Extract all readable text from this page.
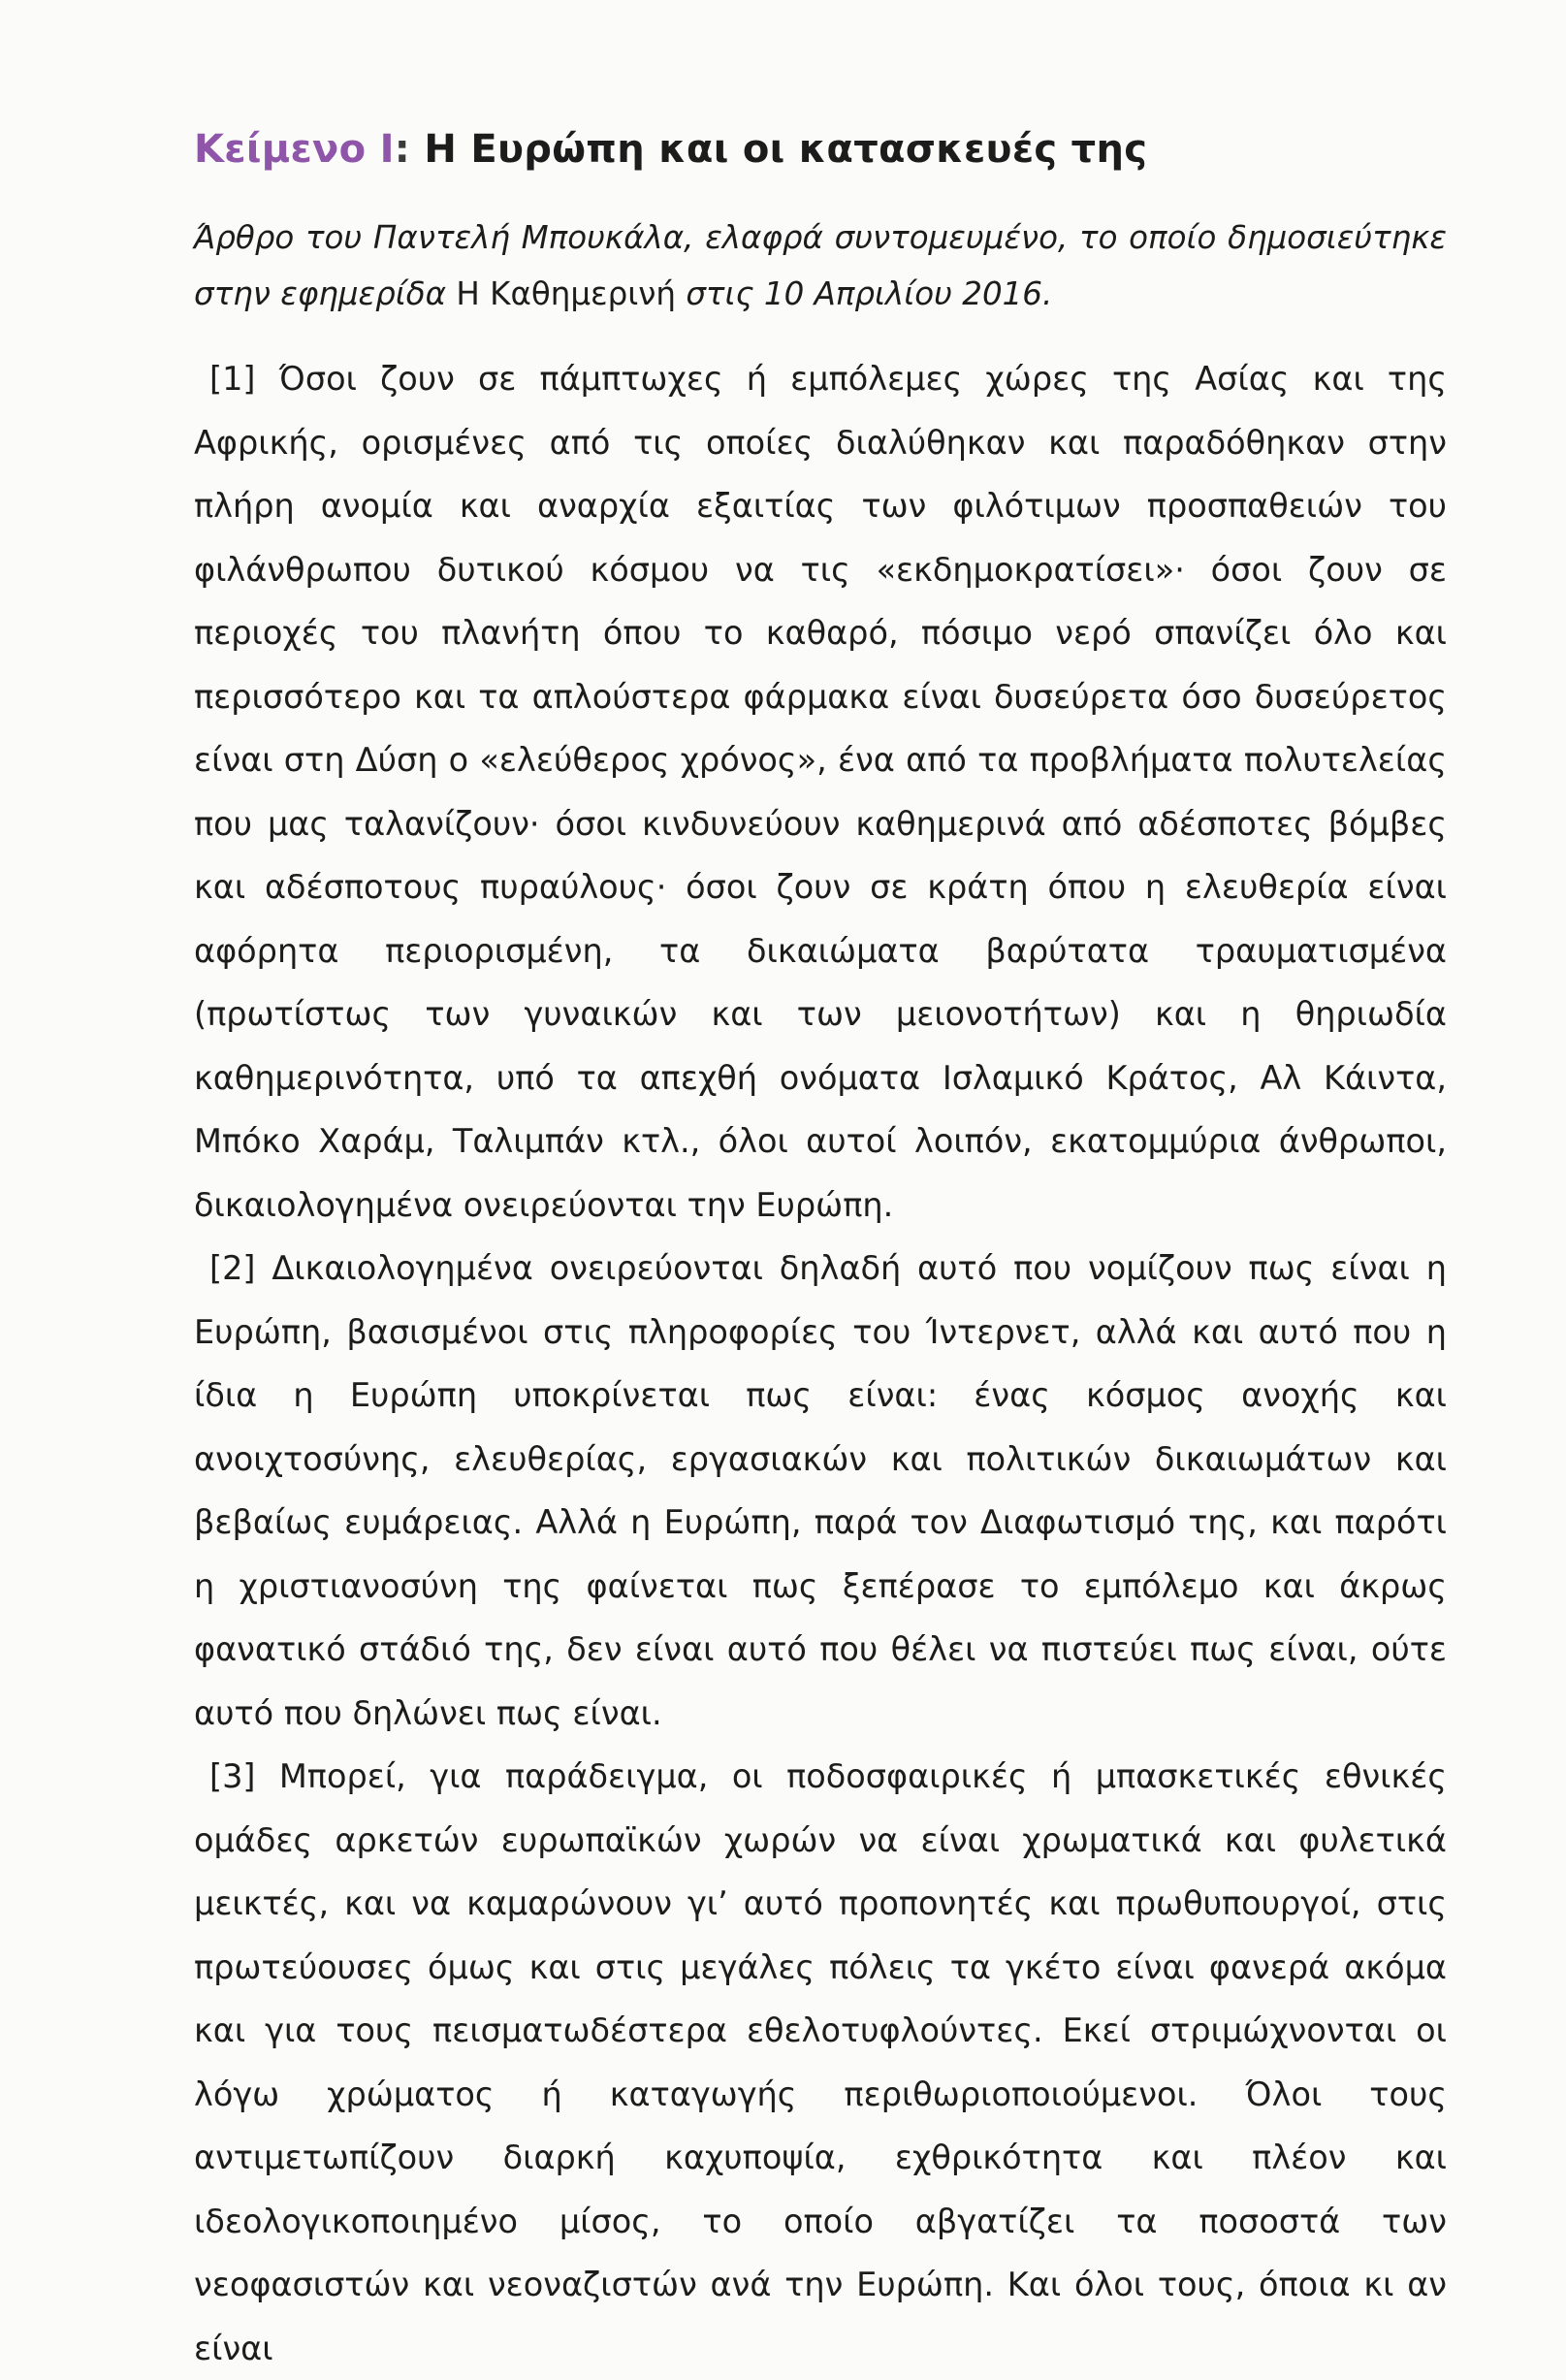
Κείμενο Ι: Η Ευρώπη και οι κατασκευές της
Άρθρο του Παντελή Μπουκάλα, ελαφρά συντομευμένο, το οποίο δημοσιεύτηκε στην εφημερίδα Η Καθημερινή στις 10 Απριλίου 2016.

[1] Όσοι ζουν σε πάμπτωχες ή εμπόλεμες χώρες της Ασίας και της Αφρικής, ορισμένες από τις οποίες διαλύθηκαν και παραδόθηκαν στην πλήρη ανομία και αναρχία εξαιτίας των φιλότιμων προσπαθειών του φιλάνθρωπου δυτικού κόσμου να τις «εκδημοκρατίσει»· όσοι ζουν σε περιοχές του πλανήτη όπου το καθαρό, πόσιμο νερό σπανίζει όλο και περισσότερο και τα απλούστερα φάρμακα είναι δυσεύρετα όσο δυσεύρετος είναι στη Δύση ο «ελεύθερος χρόνος», ένα από τα προβλήματα πολυτελείας που μας ταλανίζουν· όσοι κινδυνεύουν καθημερινά από αδέσποτες βόμβες και αδέσποτους πυραύλους· όσοι ζουν σε κράτη όπου η ελευθερία είναι αφόρητα περιορισμένη, τα δικαιώματα βαρύτατα τραυματισμένα (πρωτίστως των γυναικών και των μειονοτήτων) και η θηριωδία καθημερινότητα, υπό τα απεχθή ονόματα Ισλαμικό Κράτος, Αλ Κάιντα, Μπόκο Χαράμ, Ταλιμπάν κτλ., όλοι αυτοί λοιπόν, εκατομμύρια άνθρωποι, δικαιολογημένα ονειρεύονται την Ευρώπη.

[2] Δικαιολογημένα ονειρεύονται δηλαδή αυτό που νομίζουν πως είναι η Ευρώπη, βασισμένοι στις πληροφορίες του Ίντερνετ, αλλά και αυτό που η ίδια η Ευρώπη υποκρίνεται πως είναι: ένας κόσμος ανοχής και ανοιχτοσύνης, ελευθερίας, εργασιακών και πολιτικών δικαιωμάτων και βεβαίως ευμάρειας. Αλλά η Ευρώπη, παρά τον Διαφωτισμό της, και παρότι η χριστιανοσύνη της φαίνεται πως ξεπέρασε το εμπόλεμο και άκρως φανατικό στάδιό της, δεν είναι αυτό που θέλει να πιστεύει πως είναι, ούτε αυτό που δηλώνει πως είναι.

[3] Μπορεί, για παράδειγμα, οι ποδοσφαιρικές ή μπασκετικές εθνικές ομάδες αρκετών ευρωπαϊκών χωρών να είναι χρωματικά και φυλετικά μεικτές, και να καμαρώνουν γι’ αυτό προπονητές και πρωθυπουργοί, στις πρωτεύουσες όμως και στις μεγάλες πόλεις τα γκέτο είναι φανερά ακόμα και για τους πεισματωδέστερα εθελοτυφλούντες. Εκεί στριμώχνονται οι λόγω χρώματος ή καταγωγής περιθωριοποιούμενοι. Όλοι τους αντιμετωπίζουν διαρκή καχυποψία, εχθρικότητα και πλέον και ιδεολογικοποιημένο μίσος, το οποίο αβγατίζει τα ποσοστά των νεοφασιστών και νεοναζιστών ανά την Ευρώπη. Και όλοι τους, όποια κι αν είναι
